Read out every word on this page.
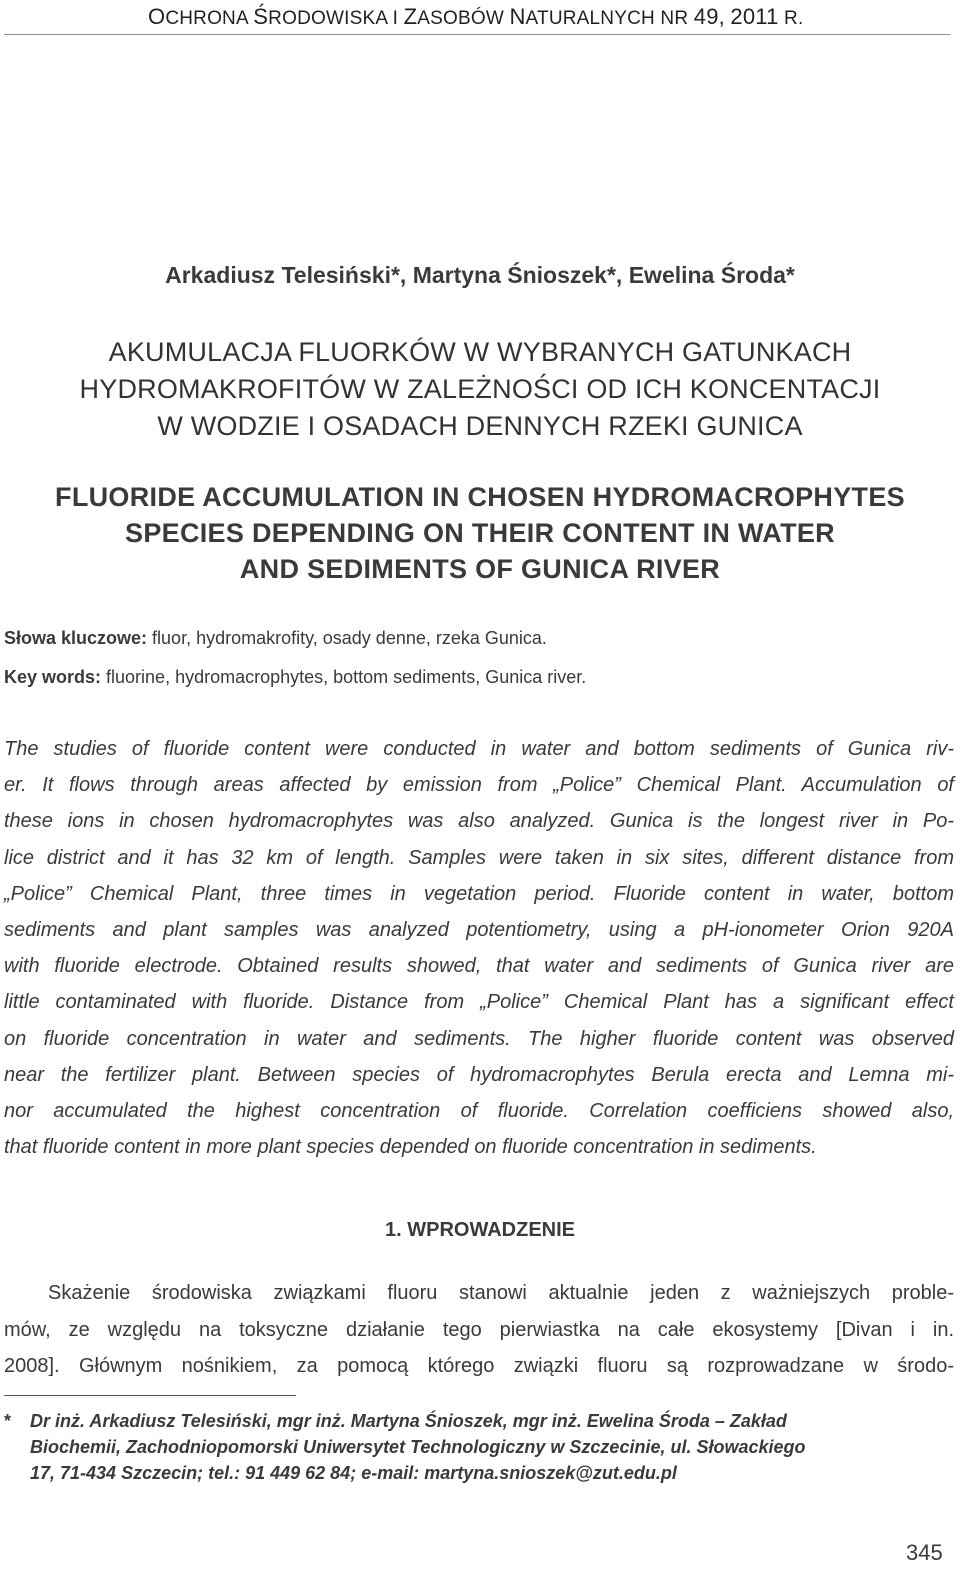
OCHRONA ŚRODOWISKA I ZASOBÓW NATURALNYCH NR 49, 2011 R.
Arkadiusz Telesiński*, Martyna Śnioszek*, Ewelina Środa*
AKUMULACJA FLUORKÓW W WYBRANYCH GATUNKACH
HYDROMAKROFITÓW W ZALEŻNOŚCI OD ICH KONCENTACJI
W WODZIE I OSADACH DENNYCH RZEKI GUNICA
FLUORIDE ACCUMULATION IN CHOSEN HYDROMACROPHYTES
SPECIES DEPENDING ON THEIR CONTENT IN WATER
AND SEDIMENTS OF GUNICA RIVER
Słowa kluczowe: fluor, hydromakrofity, osady denne, rzeka Gunica.
Key words: fluorine, hydromacrophytes, bottom sediments, Gunica river.
The studies of fluoride content were conducted in water and bottom sediments of Gunica riv-
er. It flows through areas affected by emission from „Police” Chemical Plant. Accumulation of
these ions in chosen hydromacrophytes was also analyzed. Gunica is the longest river in Po-
lice district and it has 32 km of length. Samples were taken in six sites, different distance from
„Police” Chemical Plant, three times in vegetation period. Fluoride content in water, bottom
sediments and plant samples was analyzed potentiometry, using a pH-ionometer Orion 920A
with fluoride electrode. Obtained results showed, that water and sediments of Gunica river are
little contaminated with fluoride. Distance from „Police” Chemical Plant has a significant effect
on fluoride concentration in water and sediments. The higher fluoride content was observed
near the fertilizer plant. Between species of hydromacrophytes Berula erecta and Lemna mi-
nor accumulated the highest concentration of fluoride. Correlation coefficiens showed also,
that fluoride content in more plant species depended on fluoride concentration in sediments.
1. WPROWADZENIE
Skażenie środowiska związkami fluoru stanowi aktualnie jeden z ważniejszych proble-
mów, ze względu na toksyczne działanie tego pierwiastka na całe ekosystemy [Divan i in.
2008]. Głównym nośnikiem, za pomocą którego związki fluoru są rozprowadzane w środo-
* Dr inż. Arkadiusz Telesiński, mgr inż. Martyna Śnioszek, mgr inż. Ewelina Środa – Zakład
Biochemii, Zachodniopomorski Uniwersytet Technologiczny w Szczecinie, ul. Słowackiego
17, 71-434 Szczecin; tel.: 91 449 62 84; e-mail: martyna.snioszek@zut.edu.pl
345
